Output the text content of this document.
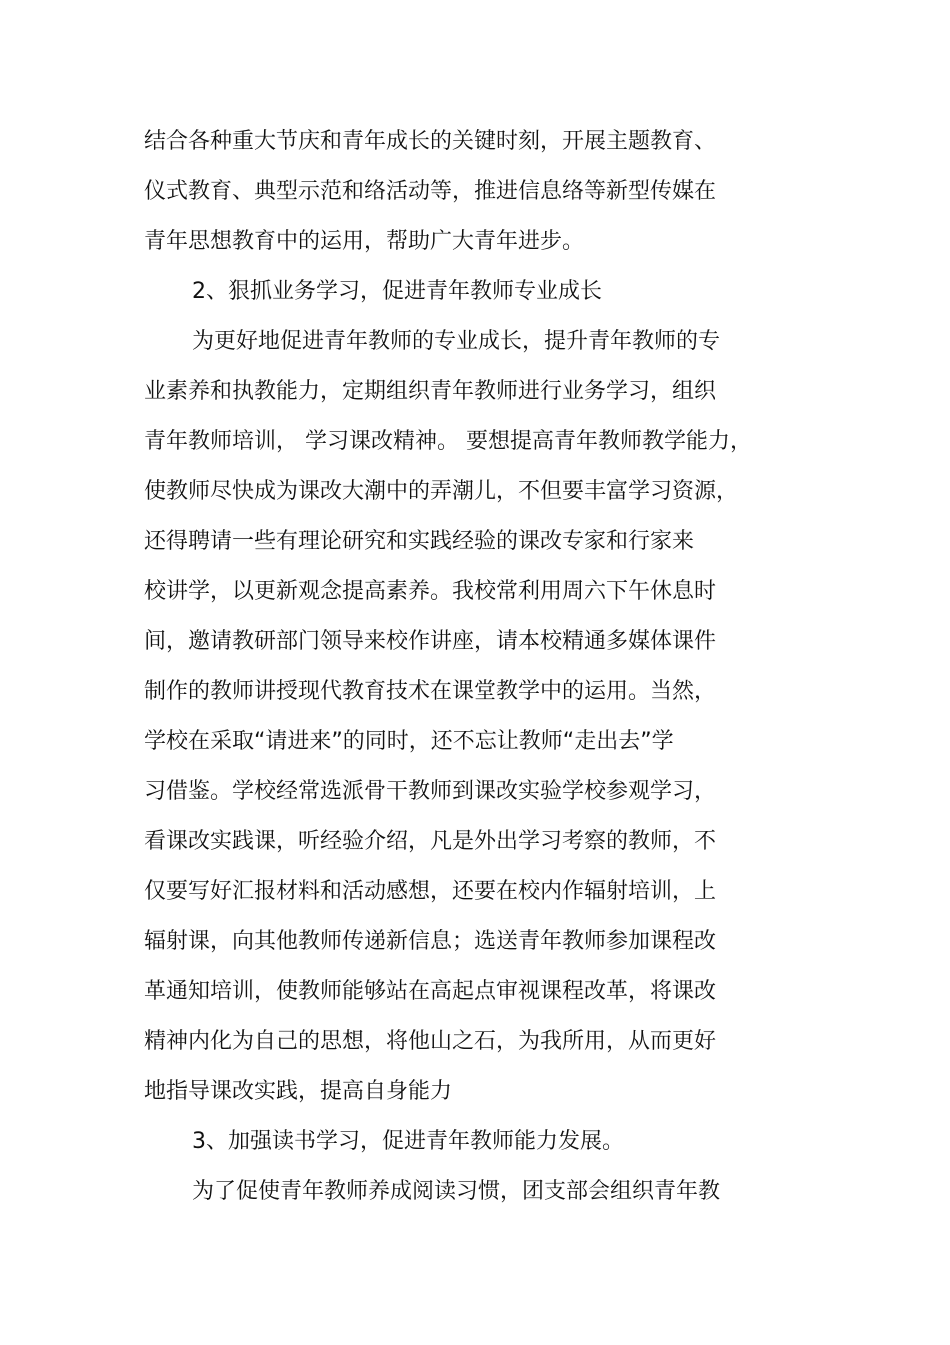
结合各种重大节庆和青年成长的关键时刻，开展主题教育、

仪式教育、典型示范和络活动等，推进信息络等新型传媒在

青年思想教育中的运用，帮助广大青年进步。

2、狠抓业务学习，促进青年教师专业成长

为更好地促进青年教师的专业成长，提升青年教师的专

业素养和执教能力，定期组织青年教师进行业务学习，组织

青年教师培训， 学习课改精神。 要想提高青年教师教学能力，

使教师尽快成为课改大潮中的弄潮儿，不但要丰富学习资源，

还得聘请一些有理论研究和实践经验的课改专家和行家来

校讲学，以更新观念提高素养。我校常利用周六下午休息时

间，邀请教研部门领导来校作讲座，请本校精通多媒体课件

制作的教师讲授现代教育技术在课堂教学中的运用。当然，

学校在采取“请进来”的同时，还不忘让教师“走出去”学

习借鉴。学校经常选派骨干教师到课改实验学校参观学习，

看课改实践课，听经验介绍，凡是外出学习考察的教师，不

仅要写好汇报材料和活动感想，还要在校内作辐射培训，上

辐射课，向其他教师传递新信息；选送青年教师参加课程改

革通知培训，使教师能够站在高起点审视课程改革，将课改

精神内化为自己的思想，将他山之石，为我所用，从而更好

地指导课改实践，提高自身能力

3、加强读书学习，促进青年教师能力发展。

为了促使青年教师养成阅读习惯，团支部会组织青年教
